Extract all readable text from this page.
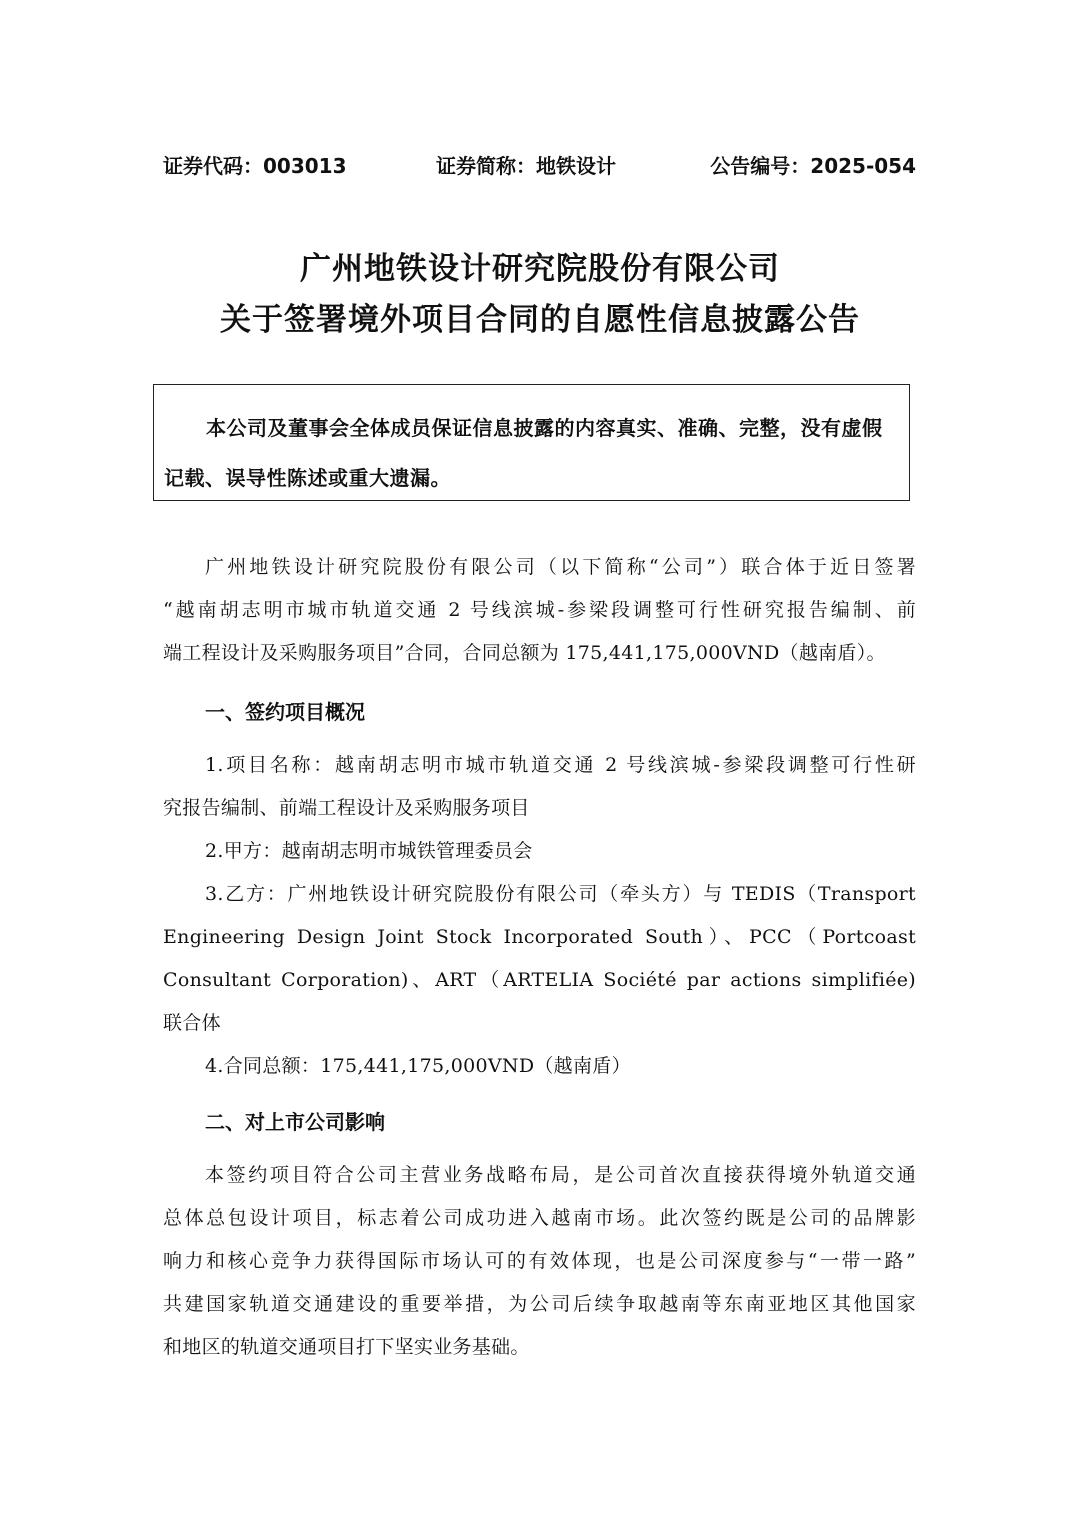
证券代码：003013	证券简称：地铁设计	公告编号：2025-054
广州地铁设计研究院股份有限公司
关于签署境外项目合同的自愿性信息披露公告
本公司及董事会全体成员保证信息披露的内容真实、准确、完整，没有虚假记载、误导性陈述或重大遗漏。
广州地铁设计研究院股份有限公司（以下简称“公司”）联合体于近日签署
“越南胡志明市城市轨道交通 2 号线滨城-参梁段调整可行性研究报告编制、前
端工程设计及采购服务项目”合同，合同总额为 175,441,175,000VND（越南盾）。
一、签约项目概况
1.项目名称：越南胡志明市城市轨道交通 2 号线滨城-参梁段调整可行性研
究报告编制、前端工程设计及采购服务项目
2.甲方：越南胡志明市城铁管理委员会
3.乙方：广州地铁设计研究院股份有限公司（牵头方）与 TEDIS（Transport
Engineering Design Joint Stock Incorporated South）、PCC（Portcoast
Consultant Corporation)、ART（ARTELIA Société par actions simplifiée)
联合体
4.合同总额：175,441,175,000VND（越南盾）
二、对上市公司影响
本签约项目符合公司主营业务战略布局，是公司首次直接获得境外轨道交通
总体总包设计项目，标志着公司成功进入越南市场。此次签约既是公司的品牌影
响力和核心竞争力获得国际市场认可的有效体现，也是公司深度参与“一带一路”
共建国家轨道交通建设的重要举措，为公司后续争取越南等东南亚地区其他国家
和地区的轨道交通项目打下坚实业务基础。
